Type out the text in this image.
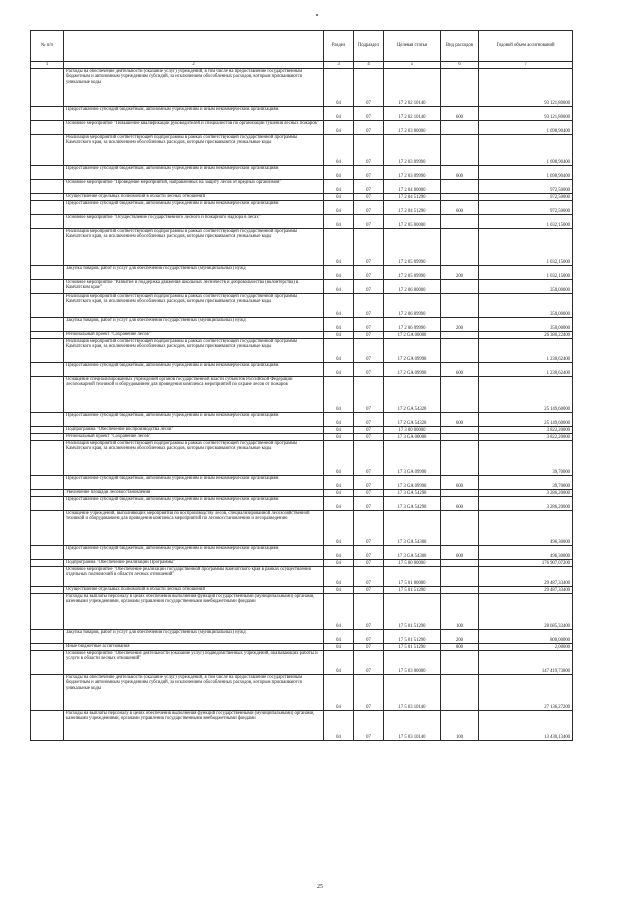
№ п/п		Раздел	Подраздел	Целевая статья	Вид расходов	Годовой объем ассигнований
1	2	3	4	5	6	7
	Расходы на обеспечение деятельности (оказание услуг) учреждений, в том числе на предоставление государственным бюджетным и автономным учреждениям субсидий, за исключением обособленных расходов, которым присваиваются уникальные коды	04	07	17 2 02 10140		93 121,80000
	Предоставление субсидий бюджетным, автономным учреждениям и иным некоммерческим организациям	04	07	17 2 02 10140	600	93 121,80000
	Основное мероприятие "Повышение квалификации руководителей и специалистов по организации тушения лесных пожаров"	04	07	17 2 03 00000		1 698,90400
	Реализация мероприятий соответствующей подпрограммы в рамках соответствующей государственной программы Камчатского края, за исключением обособленных расходов, которым присваиваются уникальные коды	04	07	17 2 03 09990		1 698,90400
	Предоставление субсидий бюджетным, автономным учреждениям и иным некоммерческим организациям	04	07	17 2 03 09990	600	1 698,90400
	Основное мероприятие "Проведение мероприятий, направленных на защиту лесов от вредных организмов"	04	07	17 2 04 00000		972,50000
	Осуществление отдельных полномочий в области лесных отношений	04	07	17 2 04 51290		972,50000
	Предоставление субсидий бюджетным, автономным учреждениям и иным некоммерческим организациям	04	07	17 2 04 51290	600	972,50000
	Основное мероприятие "Осуществление государственного лесного и пожарного надзора в лесах"	04	07	17 2 05 00000		1 032,15000
	Реализация мероприятий соответствующей подпрограммы в рамках соответствующей государственной программы Камчатского края, за исключением обособленных расходов, которым присваиваются уникальные коды	04	07	17 2 05 09990		1 032,15000
	Закупка товаров, работ и услуг для обеспечения государственных (муниципальных) нужд	04	07	17 2 05 09990	200	1 032,15000
	Основное мероприятие "Развитие и поддержка движения школьных лесничеств и добровольчества (волонтерства) в Камчатском крае"	04	07	17 2 06 00000		350,00000
	Реализация мероприятий соответствующей подпрограммы в рамках соответствующей государственной программы Камчатского края, за исключением обособленных расходов, которым присваиваются уникальные коды	04	07	17 2 06 09990		350,00000
	Закупка товаров, работ и услуг для обеспечения государственных (муниципальных) нужд	04	07	17 2 06 09990	200	350,00000
	Региональный проект "Сохранение лесов"	04	07	17 2 GA 00000		26 380,22400
	Реализация мероприятий соответствующей подпрограммы в рамках соответствующей государственной программы Камчатского края, за исключением обособленных расходов, которым присваиваются уникальные коды	04	07	17 2 GA 09990		1 230,62400
	Предоставление субсидий бюджетным, автономным учреждениям и иным некоммерческим организациям	04	07	17 2 GA 09990	600	1 230,62400
	Оснащение специализированных учреждений органов государственной власти субъектов Российской Федерации лесопожарной техникой и оборудованием для проведения комплекса мероприятий по охране лесов от пожаров	04	07	17 2 GA 54320		25 149,60000
	Предоставление субсидий бюджетным, автономным учреждениям и иным некоммерческим организациям	04	07	17 2 GA 54320	600	25 149,60000
	Подпрограмма "Обеспечение воспроизводства лесов"	04	07	17 3 00 00000		3 822,20000
	Региональный проект "Сохранение лесов"	04	07	17 3 GA 00000		3 822,20000
	Реализация мероприятий соответствующей подпрограммы в рамках соответствующей государственной программы Камчатского края, за исключением обособленных расходов, которым присваиваются уникальные коды	04	07	17 3 GA 09990		39,70000
	Предоставление субсидий бюджетным, автономным учреждениям и иным некоммерческим организациям	04	07	17 3 GA 09990	600	39,70000
	Увеличение площади лесовосстановления	04	07	17 3 GA 54290		3 286,20000
	Предоставление субсидий бюджетным, автономным учреждениям и иным некоммерческим организациям	04	07	17 3 GA 54290	600	3 286,20000
	Оснащение учреждений, выполняющих мероприятия по воспроизводству лесов, специализированной лесохозяйственной техникой и оборудованием для проведения комплекса мероприятий по лесовосстановлению и лесоразведению	04	07	17 3 GA 54300		496,30000
	Предоставление субсидий бюджетным, автономным учреждениям и иным некоммерческим организациям	04	07	17 3 GA 54300	600	496,30000
	Подпрограмма "Обеспечение реализации Программы"	04	07	17 5 00 00000		176 907,07200
	Основное мероприятие "Обеспечение реализации государственной программы Камчатского края в рамках осуществления отдельных полномочий в области лесных отношений"	04	07	17 5 01 00000		29 487,33400
	Осуществление отдельных полномочий в области лесных отношений	04	07	17 5 01 51290		29 487,33400
	Расходы на выплаты персоналу в целях обеспечения выполнения функций государственными (муниципальными) органами, казенными учреждениями, органами управления государственными внебюджетными фондами	04	07	17 5 01 51290	100	28 685,33400
	Закупка товаров, работ и услуг для обеспечения государственных (муниципальных) нужд	04	07	17 5 01 51290	200	800,00000
	Иные бюджетные ассигнования	04	07	17 5 01 51290	800	2,00000
	Основное мероприятие "Обеспечение деятельности (оказание услуг) подведомственных учреждений, оказывающих работы и услуги в области лесных отношений"	04	07	17 5 03 00000		147 419,73800
	Расходы на обеспечение деятельности (оказание услуг) учреждений, в том числе на предоставление государственным бюджетным и автономным учреждениям субсидий, за исключением обособленных расходов, которым присваиваются уникальные коды	04	07	17 5 03 10140		27 136,27200
	Расходы на выплаты персоналу в целях обеспечения выполнения функций государственными (муниципальными) органами, казенными учреждениями, органами управления государственными внебюджетными фондами	04	07	17 5 03 10140	100	13 430,13400
25
